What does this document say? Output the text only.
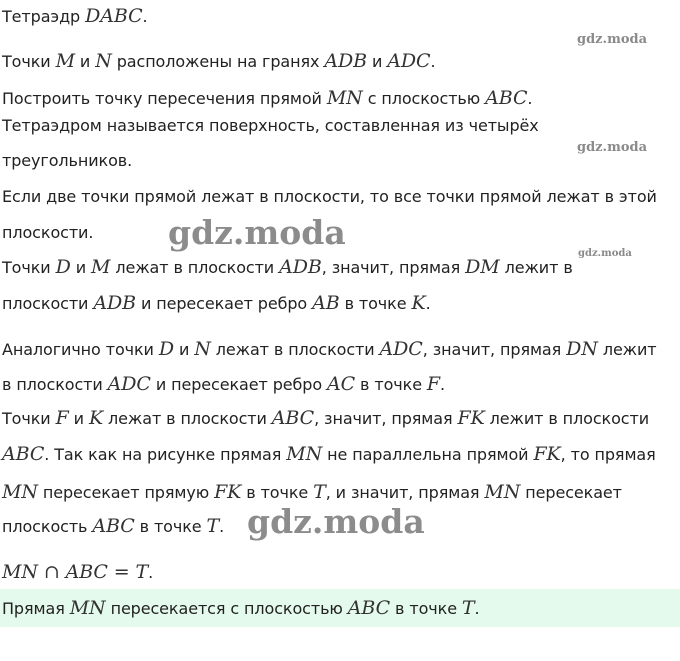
Тетраэдр DABC.
Точки M и N расположены на гранях ADB и ADC.
Построить точку пересечения прямой MN с плоскостью ABC.
Тетраэдром называется поверхность, составленная из четырёх
треугольников.
Если две точки прямой лежат в плоскости, то все точки прямой лежат в этой
плоскости.
Точки D и M лежат в плоскости ADB, значит, прямая DM лежит в
плоскости ADB и пересекает ребро AB в точке K.
Аналогично точки D и N лежат в плоскости ADC, значит, прямая DN лежит
в плоскости ADC и пересекает ребро AC в точке F.
Точки F и K лежат в плоскости ABC, значит, прямая FK лежит в плоскости
ABC. Так как на рисунке прямая MN не параллельна прямой FK, то прямая
MN пересекает прямую FK в точке T, и значит, прямая MN пересекает
плоскость ABC в точке T.
MN ∩ ABC = T.
Прямая MN пересекается с плоскостью ABC в точке T.
gdz.moda
gdz.moda
gdz.moda
gdz.moda
gdz.moda
